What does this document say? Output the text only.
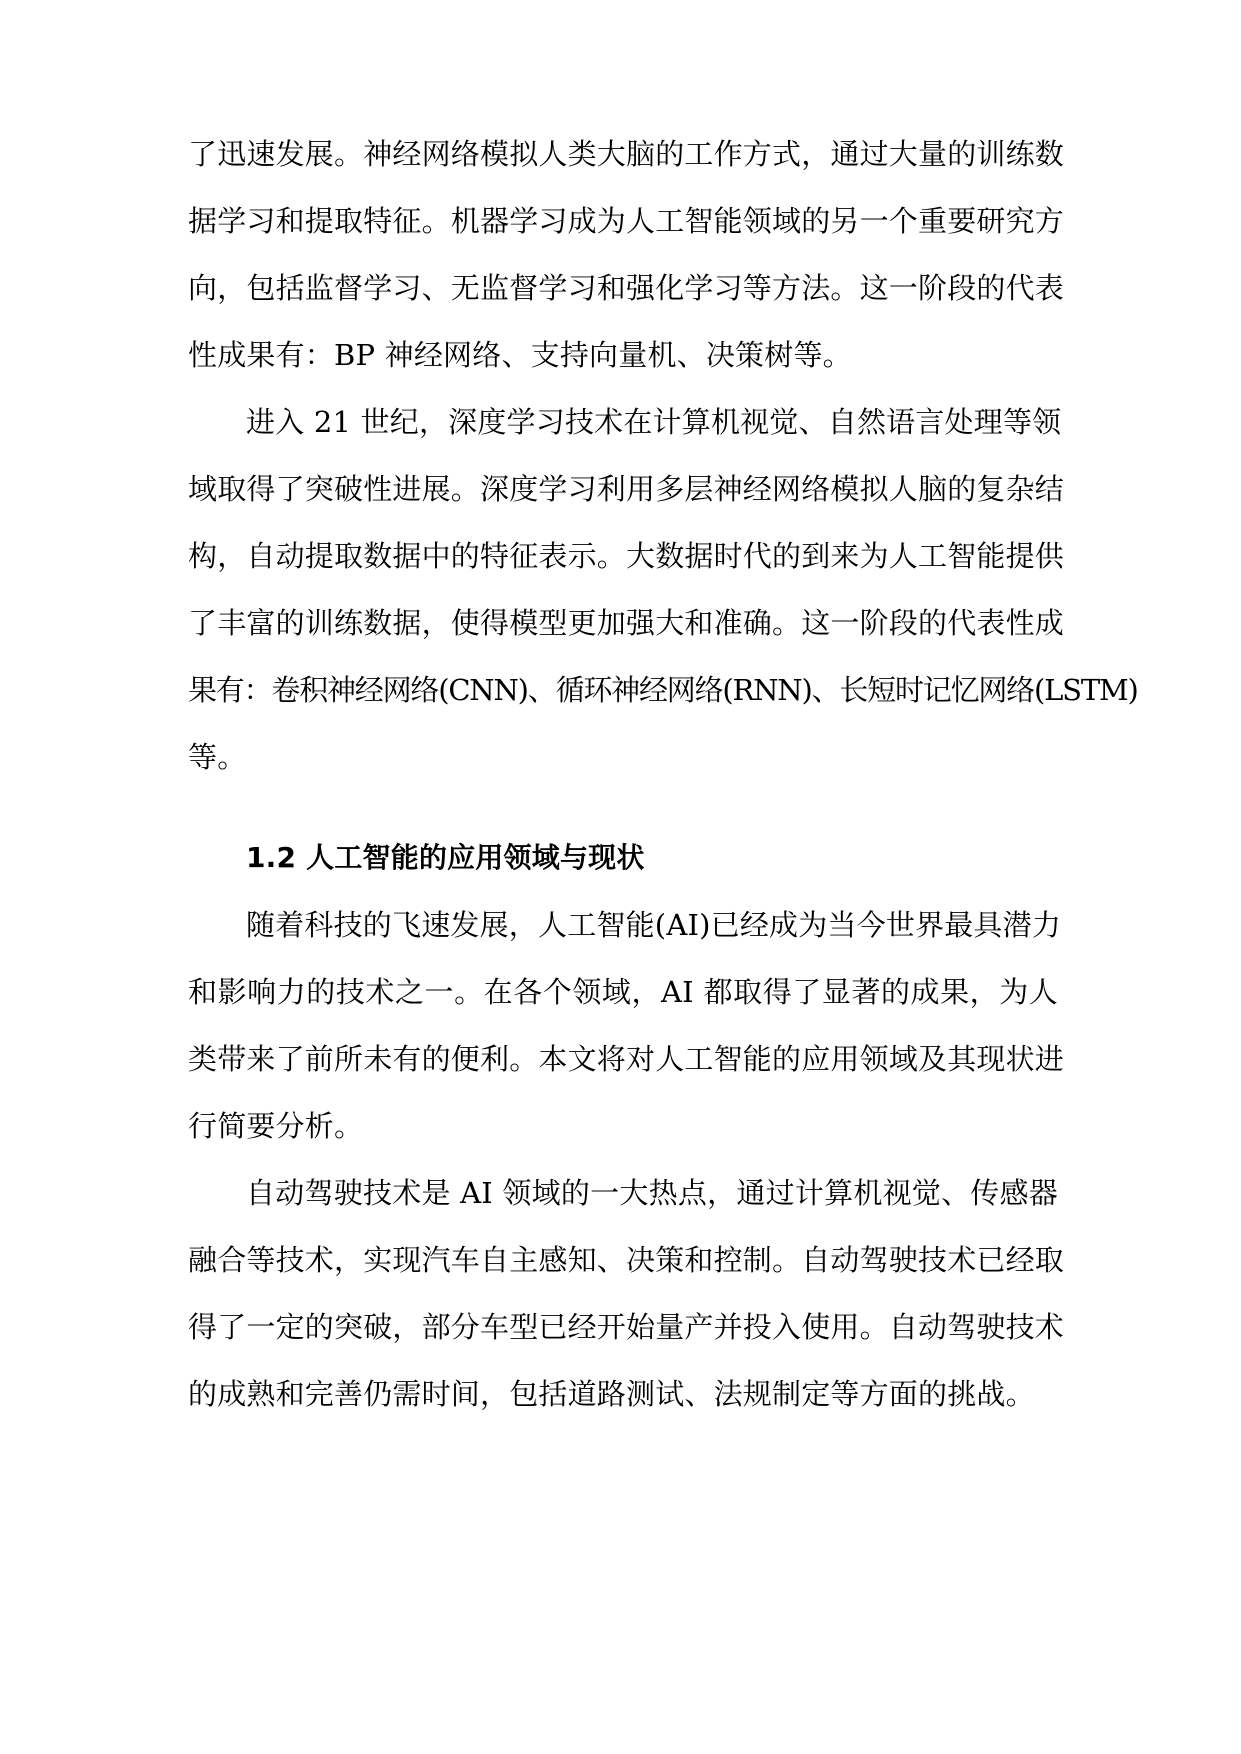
了迅速发展。神经网络模拟人类大脑的工作方式，通过大量的训练数
据学习和提取特征。机器学习成为人工智能领域的另一个重要研究方
向，包括监督学习、无监督学习和强化学习等方法。这一阶段的代表
性成果有：BP 神经网络、支持向量机、决策树等。
进入 21 世纪，深度学习技术在计算机视觉、自然语言处理等领
域取得了突破性进展。深度学习利用多层神经网络模拟人脑的复杂结
构，自动提取数据中的特征表示。大数据时代的到来为人工智能提供
了丰富的训练数据，使得模型更加强大和准确。这一阶段的代表性成
果有：卷积神经网络(CNN)、循环神经网络(RNN)、长短时记忆网络(LSTM)
等。
1.2 人工智能的应用领域与现状
随着科技的飞速发展，人工智能(AI)已经成为当今世界最具潜力
和影响力的技术之一。在各个领域，AI 都取得了显著的成果，为人
类带来了前所未有的便利。本文将对人工智能的应用领域及其现状进
行简要分析。
自动驾驶技术是 AI 领域的一大热点，通过计算机视觉、传感器
融合等技术，实现汽车自主感知、决策和控制。自动驾驶技术已经取
得了一定的突破，部分车型已经开始量产并投入使用。自动驾驶技术
的成熟和完善仍需时间，包括道路测试、法规制定等方面的挑战。
